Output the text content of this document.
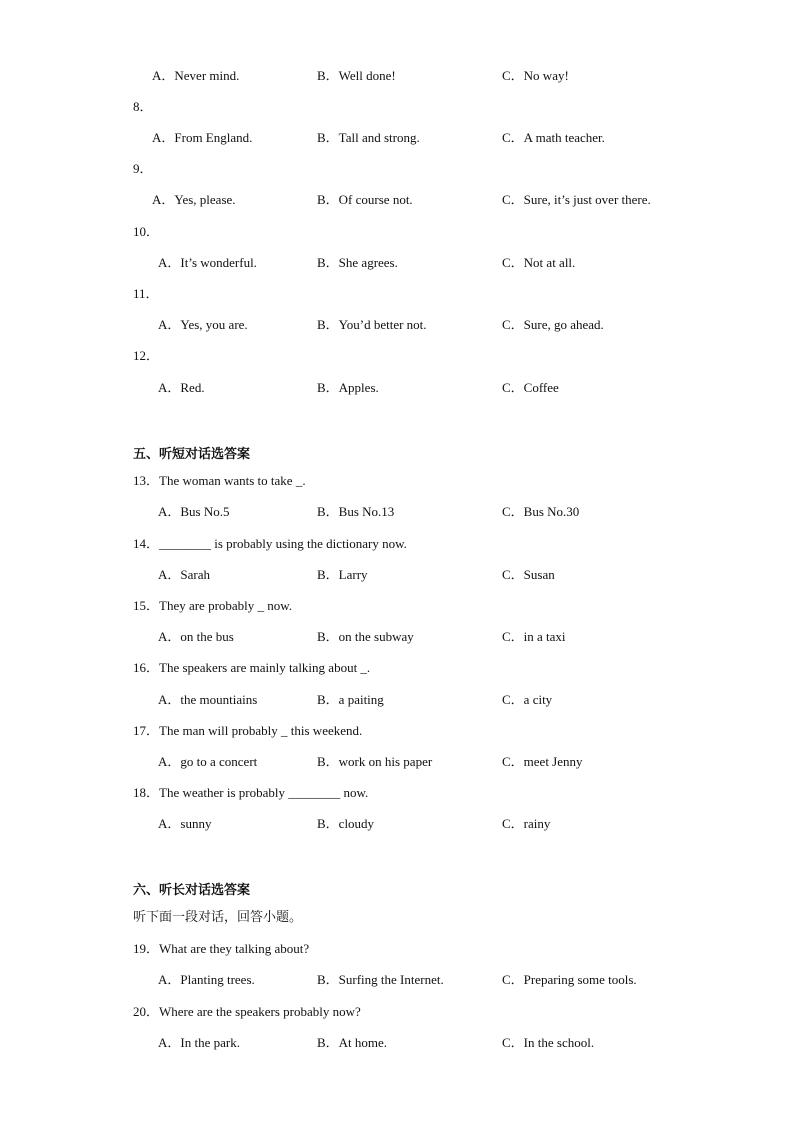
A．Never mind.	B．Well done!	C．No way!
8．
A．From England.	B．Tall and strong.	C．A math teacher.
9．
A．Yes, please.	B．Of course not.	C．Sure, it’s just over there.
10．
A．It’s wonderful.	B．She agrees.	C．Not at all.
11．
A．Yes, you are.	B．You’d better not.	C．Sure, go ahead.
12．
A．Red.	B．Apples.	C．Coffee
五、听短对话选答案
13．The woman wants to take _.
A．Bus No.5	B．Bus No.13	C．Bus No.30
14．________ is probably using the dictionary now.
A．Sarah	B．Larry	C．Susan
15．They are probably _ now.
A．on the bus	B．on the subway	C．in a taxi
16．The speakers are mainly talking about _.
A．the mountiains	B．a paiting	C．a city
17．The man will probably _ this weekend.
A．go to a concert	B．work on his paper	C．meet Jenny
18．The weather is probably ________ now.
A．sunny	B．cloudy	C．rainy
六、听长对话选答案
听下面一段对话，回答小题。
19．What are they talking about?
A．Planting trees.	B．Surfing the Internet.	C．Preparing some tools.
20．Where are the speakers probably now?
A．In the park.	B．At home.	C．In the school.
